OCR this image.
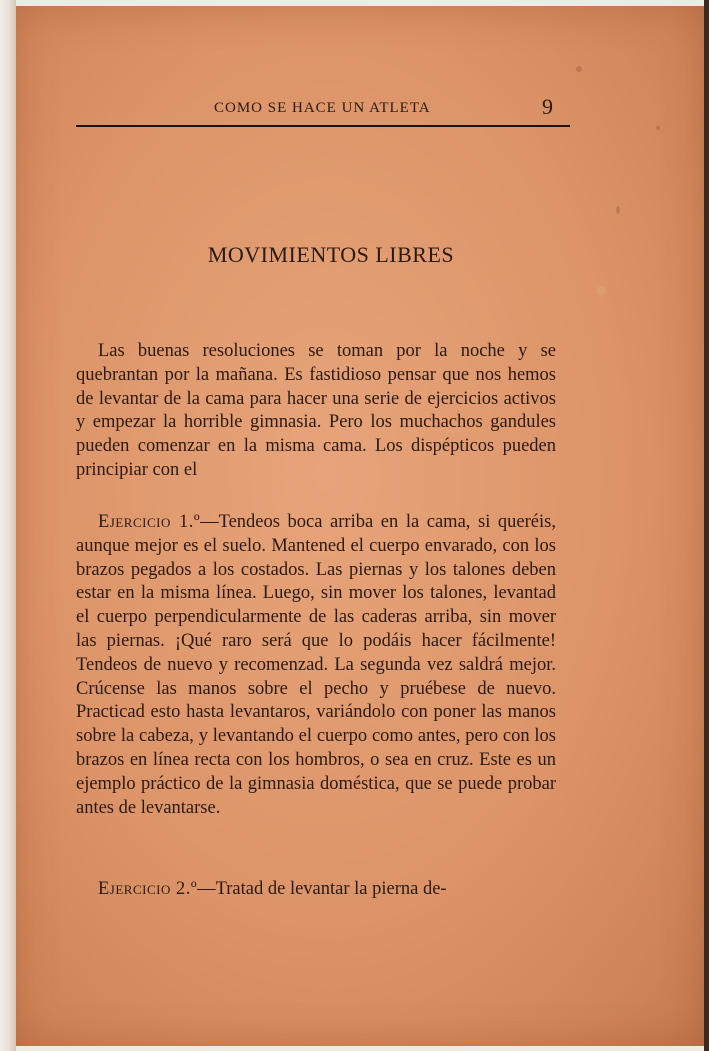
COMO SE HACE UN ATLETA	9
MOVIMIENTOS LIBRES

Las buenas resoluciones se toman por la noche y se quebrantan por la mañana. Es fastidioso pensar que nos hemos de levantar de la cama para hacer una serie de ejercicios activos y empezar la horrible gimnasia. Pero los muchachos gandules pueden comenzar en la misma cama. Los dispépticos pueden principiar con el

Ejercicio 1.º—Tendeos boca arriba en la cama, si queréis, aunque mejor es el suelo. Mantened el cuerpo envarado, con los brazos pegados a los costados. Las piernas y los talones deben estar en la misma línea. Luego, sin mover los talones, levantad el cuerpo perpendicularmente de las caderas arriba, sin mover las piernas. ¡Qué raro será que lo podáis hacer fácilmente! Tendeos de nuevo y recomenzad. La segunda vez saldrá mejor. Crúcense las manos sobre el pecho y pruébese de nuevo. Practicad esto hasta levantaros, variándolo con poner las manos sobre la cabeza, y levantando el cuerpo como antes, pero con los brazos en línea recta con los hombros, o sea en cruz. Este es un ejemplo práctico de la gimnasia doméstica, que se puede probar antes de levantarse.

Ejercicio 2.º—Tratad de levantar la pierna de-
